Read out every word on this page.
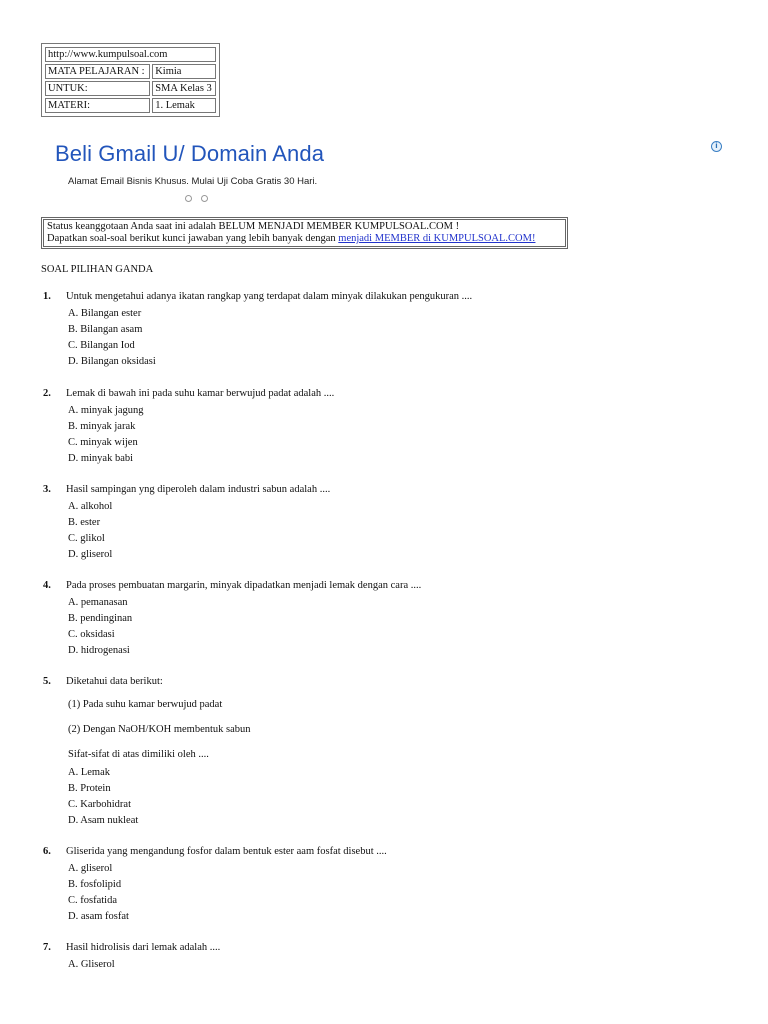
http://www.kumpulsoal.com	
MATA PELAJARAN :	Kimia
UNTUK:	SMA Kelas 3
MATERI:	1. Lemak
Beli Gmail U/ Domain Anda
Alamat Email Bisnis Khusus. Mulai Uji Coba Gratis 30 Hari.
i
Status keanggotaan Anda saat ini adalah BELUM MENJADI MEMBER KUMPULSOAL.COM !
Dapatkan soal-soal berikut kunci jawaban yang lebih banyak dengan menjadi MEMBER di KUMPULSOAL.COM!
SOAL PILIHAN GANDA
1. Untuk mengetahui adanya ikatan rangkap yang terdapat dalam minyak dilakukan pengukuran ....
A. Bilangan ester
B. Bilangan asam
C. Bilangan Iod
D. Bilangan oksidasi
2. Lemak di bawah ini pada suhu kamar berwujud padat adalah ....
A. minyak jagung
B. minyak jarak
C. minyak wijen
D. minyak babi
3. Hasil sampingan yng diperoleh dalam industri sabun adalah ....
A. alkohol
B. ester
C. glikol
D. gliserol
4. Pada proses pembuatan margarin, minyak dipadatkan menjadi lemak dengan cara ....
A. pemanasan
B. pendinginan
C. oksidasi
D. hidrogenasi
5. Diketahui data berikut:
(1) Pada suhu kamar berwujud padat
(2) Dengan NaOH/KOH membentuk sabun
Sifat-sifat di atas dimiliki oleh ....
A. Lemak
B. Protein
C. Karbohidrat
D. Asam nukleat
6. Gliserida yang mengandung fosfor dalam bentuk ester aam fosfat disebut ....
A. gliserol
B. fosfolipid
C. fosfatida
D. asam fosfat
7. Hasil hidrolisis dari lemak adalah ....
A. Gliserol
